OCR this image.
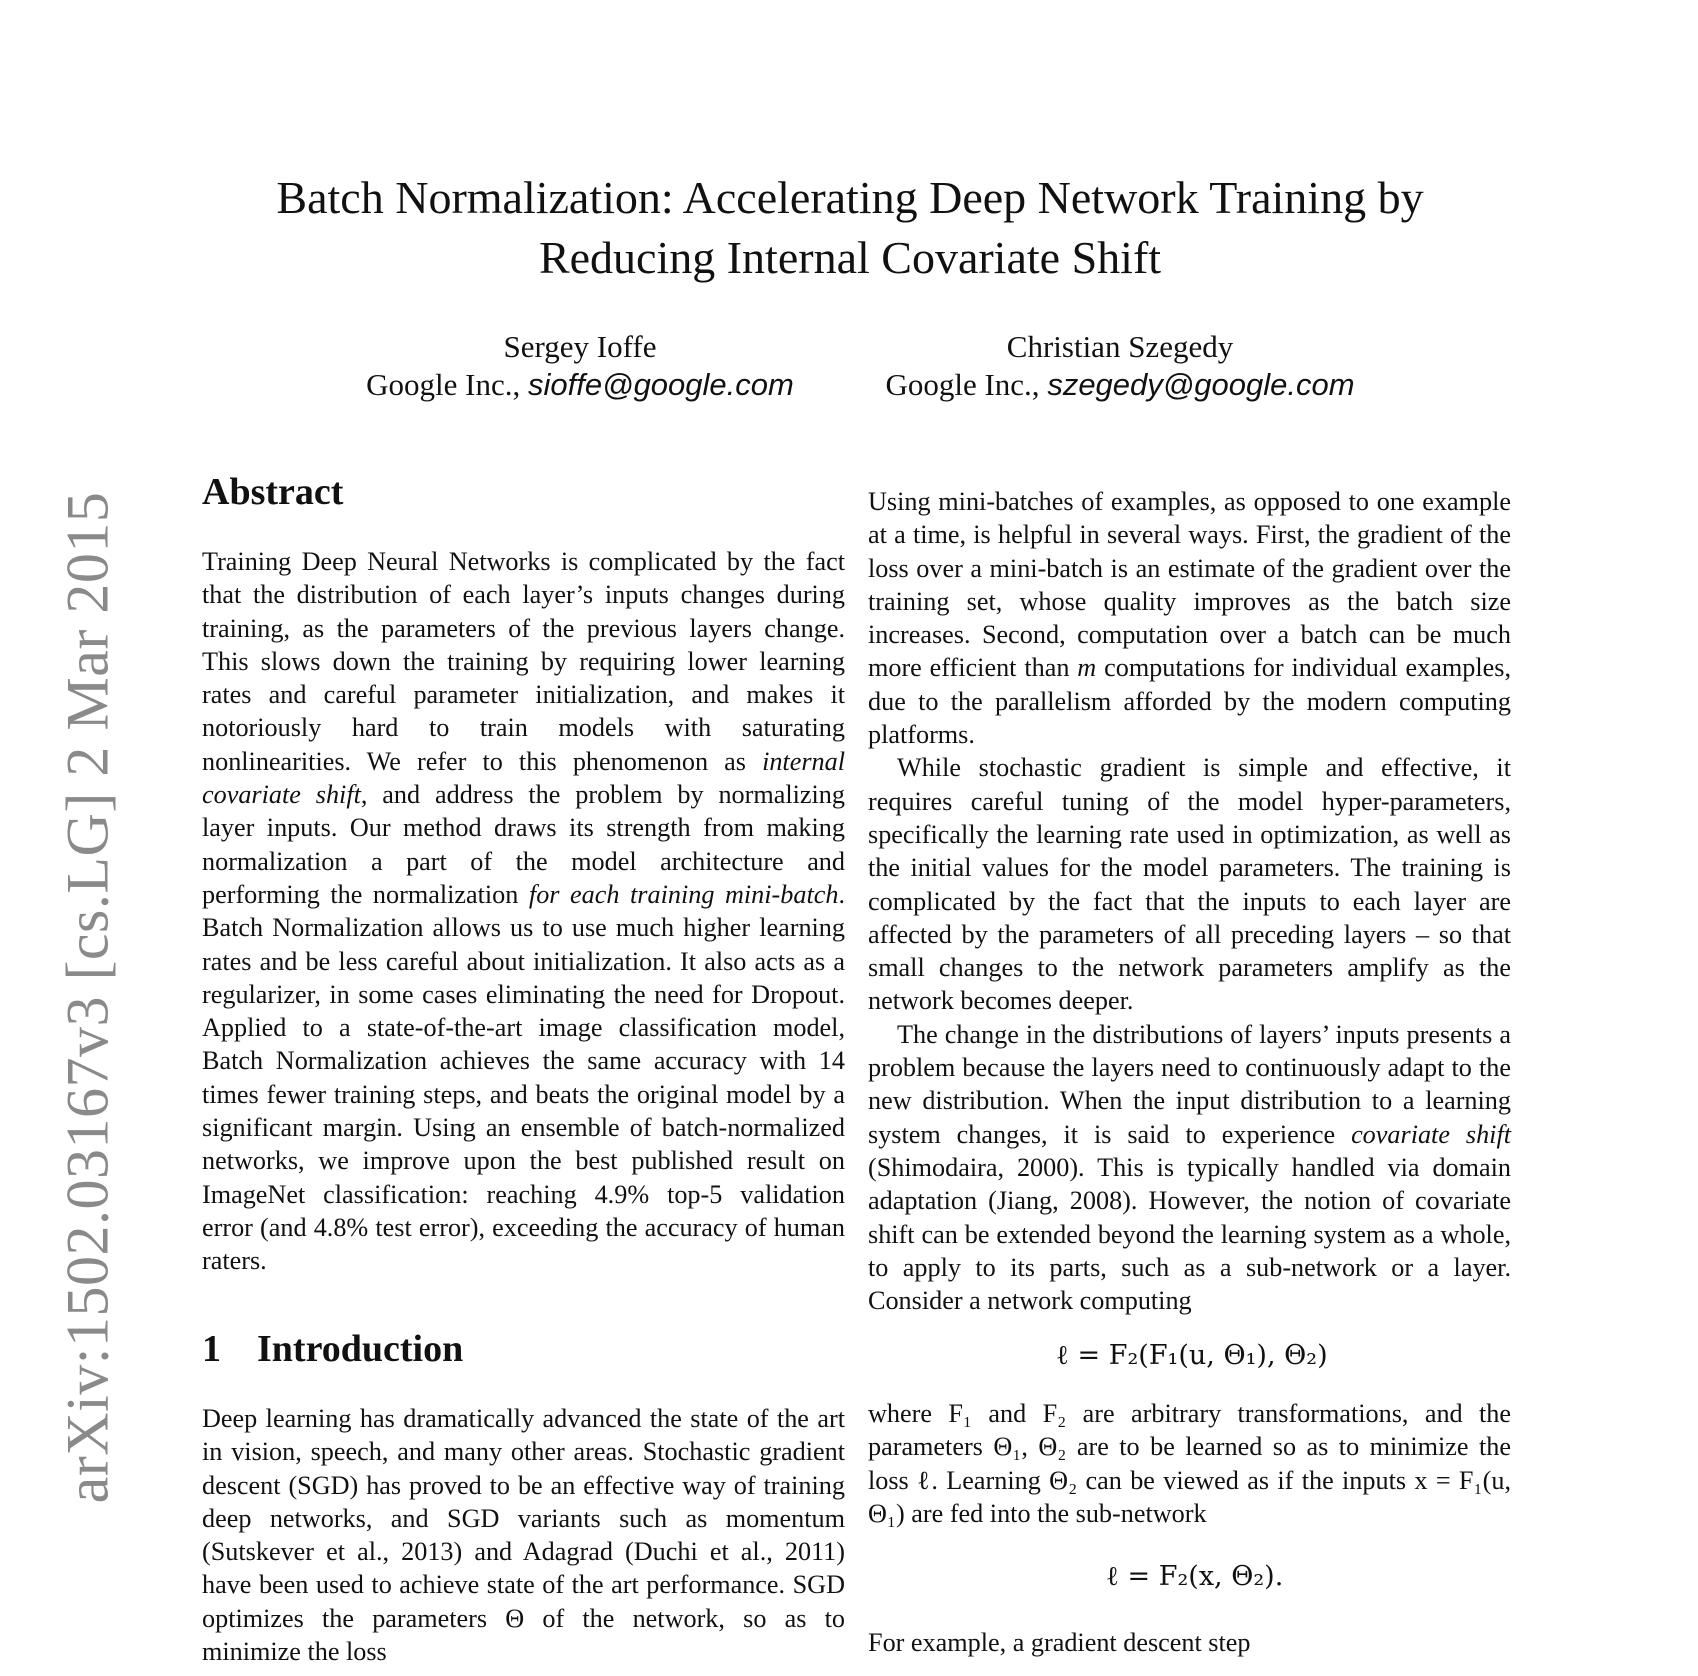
arXiv:1502.03167v3 [cs.LG] 2 Mar 2015
Batch Normalization: Accelerating Deep Network Training by
Reducing Internal Covariate Shift
Sergey Ioffe
Google Inc., sioffe@google.com
Christian Szegedy
Google Inc., szegedy@google.com
Abstract

Training Deep Neural Networks is complicated by the fact that the distribution of each layer’s inputs changes during training, as the parameters of the previous layers change. This slows down the training by requiring lower learning rates and careful parameter initialization, and makes it notoriously hard to train models with saturating nonlinearities. We refer to this phenomenon as internal covariate shift, and address the problem by normalizing layer inputs. Our method draws its strength from making normalization a part of the model architecture and performing the normalization for each training mini-batch. Batch Normalization allows us to use much higher learning rates and be less careful about initialization. It also acts as a regularizer, in some cases eliminating the need for Dropout. Applied to a state-of-the-art image classification model, Batch Normalization achieves the same accuracy with 14 times fewer training steps, and beats the original model by a significant margin. Using an ensemble of batch-normalized networks, we improve upon the best published result on ImageNet classification: reaching 4.9% top-5 validation error (and 4.8% test error), exceeding the accuracy of human raters.

1 Introduction

Deep learning has dramatically advanced the state of the art in vision, speech, and many other areas. Stochastic gradient descent (SGD) has proved to be an effective way of training deep networks, and SGD variants such as momentum (Sutskever et al., 2013) and Adagrad (Duchi et al., 2011) have been used to achieve state of the art performance. SGD optimizes the parameters Θ of the network, so as to minimize the loss

Using mini-batches of examples, as opposed to one example at a time, is helpful in several ways. First, the gradient of the loss over a mini-batch is an estimate of the gradient over the training set, whose quality improves as the batch size increases. Second, computation over a batch can be much more efficient than m computations for individual examples, due to the parallelism afforded by the modern computing platforms.

While stochastic gradient is simple and effective, it requires careful tuning of the model hyper-parameters, specifically the learning rate used in optimization, as well as the initial values for the model parameters. The training is complicated by the fact that the inputs to each layer are affected by the parameters of all preceding layers – so that small changes to the network parameters amplify as the network becomes deeper.

The change in the distributions of layers’ inputs presents a problem because the layers need to continuously adapt to the new distribution. When the input distribution to a learning system changes, it is said to experience covariate shift (Shimodaira, 2000). This is typically handled via domain adaptation (Jiang, 2008). However, the notion of covariate shift can be extended beyond the learning system as a whole, to apply to its parts, such as a sub-network or a layer. Consider a network computing

ℓ = F₂(F₁(u, Θ₁), Θ₂)

where F₁ and F₂ are arbitrary transformations, and the parameters Θ₁, Θ₂ are to be learned so as to minimize the loss ℓ. Learning Θ₂ can be viewed as if the inputs x = F₁(u, Θ₁) are fed into the sub-network

ℓ = F₂(x, Θ₂).

For example, a gradient descent step
